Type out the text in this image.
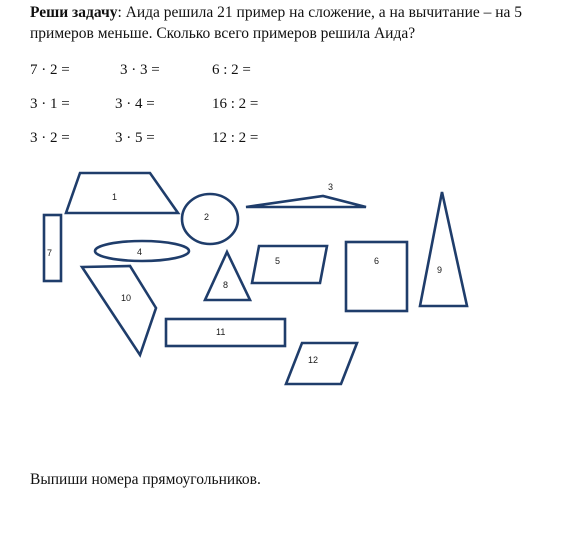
Реши задачу: Аида решила 21 пример на сложение, а на вычитание – на 5 примеров меньше. Сколько всего примеров решила Аида?
7 · 2 =	3 · 3 =	6 : 2 =
3 · 1 =	3 · 4 =	16 : 2 =
3 · 2 =	3 · 5 =	12 : 2 =
1
2
3
4
5	6
7
8
9
10
11
12
Выпиши номера прямоугольников.
